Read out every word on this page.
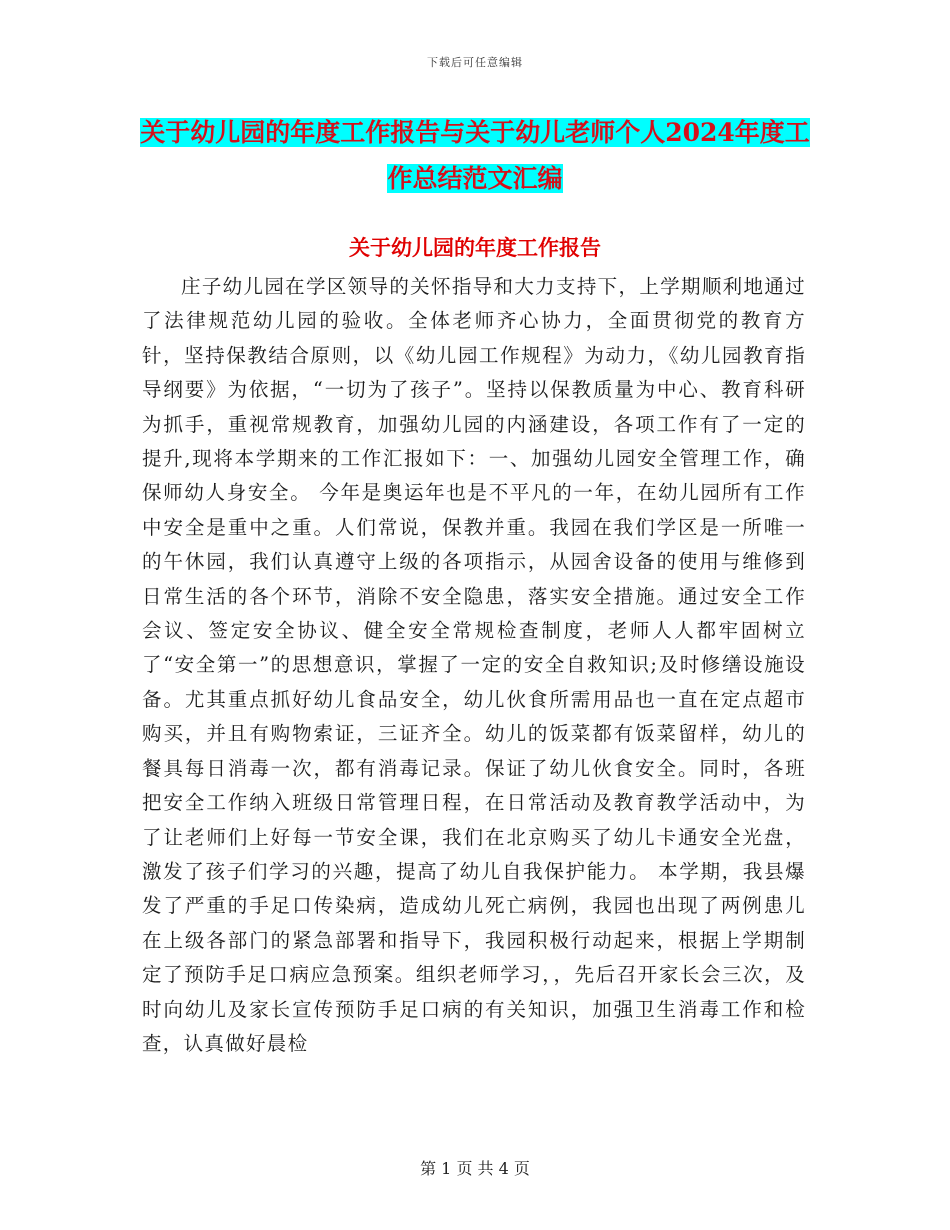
下载后可任意编辑
关于幼儿园的年度工作报告与关于幼儿老师个人2024年度工作总结范文汇编
关于幼儿园的年度工作报告

庄子幼儿园在学区领导的关怀指导和大力支持下，上学期顺利地通过了法律规范幼儿园的验收。全体老师齐心协力，全面贯彻党的教育方针，坚持保教结合原则，以《幼儿园工作规程》为动力，《幼儿园教育指导纲要》为依据，“一切为了孩子”。坚持以保教质量为中心、教育科研为抓手，重视常规教育，加强幼儿园的内涵建设，各项工作有了一定的提升,现将本学期来的工作汇报如下：一、加强幼儿园安全管理工作，确保师幼人身安全。 今年是奥运年也是不平凡的一年，在幼儿园所有工作中安全是重中之重。人们常说，保教并重。我园在我们学区是一所唯一的午休园，我们认真遵守上级的各项指示，从园舍设备的使用与维修到日常生活的各个环节，消除不安全隐患，落实安全措施。通过安全工作会议、签定安全协议、健全安全常规检查制度，老师人人都牢固树立了“安全第一”的思想意识，掌握了一定的安全自救知识;及时修缮设施设备。尤其重点抓好幼儿食品安全，幼儿伙食所需用品也一直在定点超市购买，并且有购物索证，三证齐全。幼儿的饭菜都有饭菜留样，幼儿的餐具每日消毒一次，都有消毒记录。保证了幼儿伙食安全。同时，各班把安全工作纳入班级日常管理日程，在日常活动及教育教学活动中，为了让老师们上好每一节安全课，我们在北京购买了幼儿卡通安全光盘，激发了孩子们学习的兴趣，提高了幼儿自我保护能力。 本学期，我县爆发了严重的手足口传染病，造成幼儿死亡病例，我园也出现了两例患儿在上级各部门的紧急部署和指导下，我园积极行动起来，根据上学期制定了预防手足口病应急预案。组织老师学习，，先后召开家长会三次，及时向幼儿及家长宣传预防手足口病的有关知识，加强卫生消毒工作和检查，认真做好晨检

第 1 页 共 4 页
